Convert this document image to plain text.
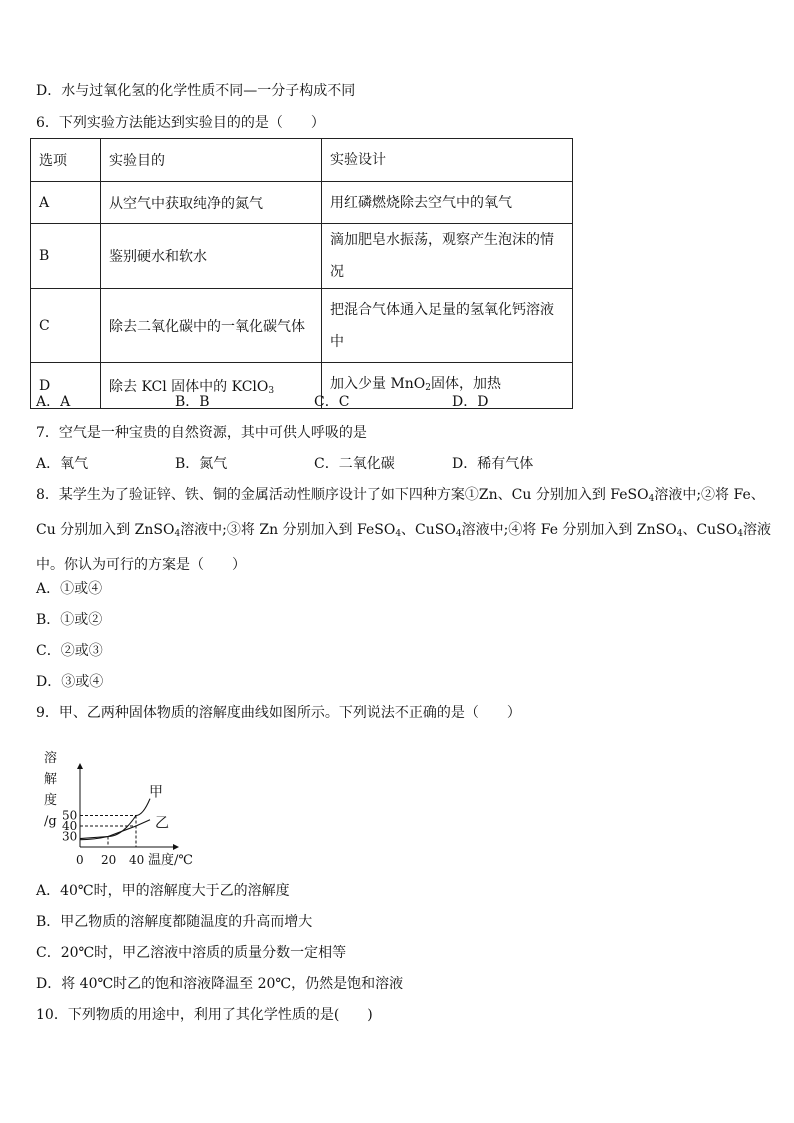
D．水与过氧化氢的化学性质不同—一分子构成不同
6．下列实验方法能达到实验目的的是（　　）
选项	实验目的	实验设计
A	从空气中获取纯净的氮气	用红磷燃烧除去空气中的氧气
B	鉴别硬水和软水	滴加肥皂水振荡，观察产生泡沫的情况
C	除去二氧化碳中的一氧化碳气体	把混合气体通入足量的氢氧化钙溶液中
D	除去 KCl 固体中的 KClO$_3$	加入少量 MnO$_2$固体，加热
A．A	B．B	C．C	D．D
7．空气是一种宝贵的自然资源，其中可供人呼吸的是
A．氧气	B．氮气	C．二氧化碳	D．稀有气体
8．某学生为了验证锌、铁、铜的金属活动性顺序设计了如下四种方案①Zn、Cu 分别加入到 FeSO$_4$溶液中;②将 Fe、Cu 分别加入到 ZnSO$_4$溶液中;③将 Zn 分别加入到 FeSO$_4$、CuSO$_4$溶液中;④将 Fe 分别加入到 ZnSO$_4$、CuSO$_4$溶液中。你认为可行的方案是（　　）
A．①或④
B．①或②
C．②或③
D．③或④
9．甲、乙两种固体物质的溶解度曲线如图所示。下列说法不正确的是（　　）
溶
解
度
/g
甲
乙
30
40
50
0 20 40 温度/℃
A．40℃时，甲的溶解度大于乙的溶解度
B．甲乙物质的溶解度都随温度的升高而增大
C．20℃时，甲乙溶液中溶质的质量分数一定相等
D．将 40℃时乙的饱和溶液降温至 20℃，仍然是饱和溶液
10．下列物质的用途中，利用了其化学性质的是(　　)
